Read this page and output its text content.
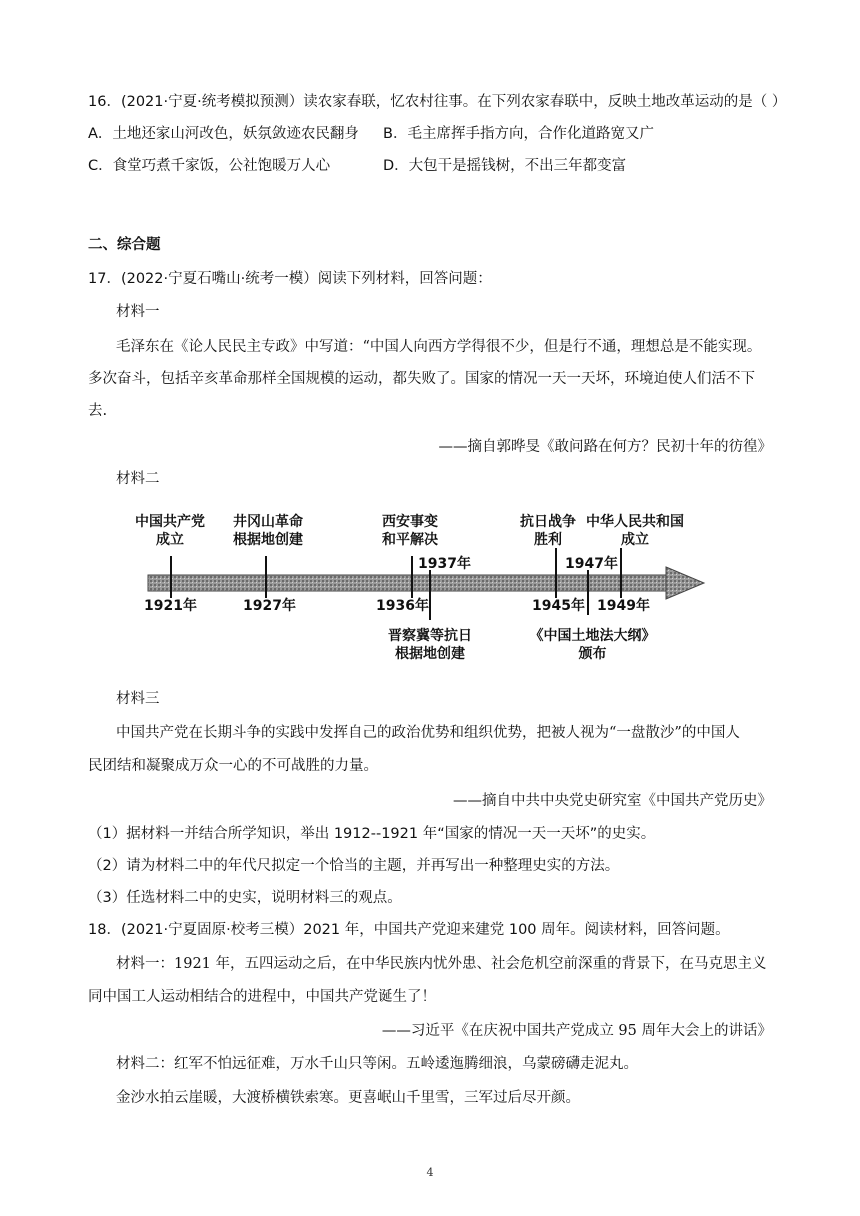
16．(2021·宁夏·统考模拟预测）读农家春联，忆农村往事。在下列农家春联中，反映土地改革运动的是（ ）
A．土地还家山河改色，妖氛敛迹农民翻身 B．毛主席挥手指方向，合作化道路宽又广
C．食堂巧煮千家饭，公社饱暖万人心	D．大包干是摇钱树，不出三年都变富
二、综合题
17．(2022·宁夏石嘴山·统考一模）阅读下列材料，回答问题：
材料一
毛泽东在《论人民民主专政》中写道：“中国人向西方学得很不少，但是行不通，理想总是不能实现。
多次奋斗，包括辛亥革命那样全国规模的运动，都失败了。国家的情况一天一天坏，环境迫使人们活不下
去.
——摘自郭晔旻《敢问路在何方？民初十年的彷徨》
材料二
中国共产党
成立
井冈山革命
根据地创建
西安事变
和平解决
抗日战争
胜利
中华人民共和国
成立
1937年	1947年
1921年	1927年	1936年	1945年 1949年
晋察冀等抗日
根据地创建
《中国土地法大纲》
颁布
材料三
中国共产党在长期斗争的实践中发挥自己的政治优势和组织优势，把被人视为“一盘散沙”的中国人
民团结和凝聚成万众一心的不可战胜的力量。
——摘自中共中央党史研究室《中国共产党历史》
（1）据材料一并结合所学知识，举出 1912--1921 年“国家的情况一天一天坏”的史实。
（2）请为材料二中的年代尺拟定一个恰当的主题，并再写出一种整理史实的方法。
（3）任选材料二中的史实，说明材料三的观点。
18．(2021·宁夏固原·校考三模）2021 年，中国共产党迎来建党 100 周年。阅读材料，回答问题。
材料一：1921 年，五四运动之后，在中华民族内忧外患、社会危机空前深重的背景下，在马克思主义
同中国工人运动相结合的进程中，中国共产党诞生了！
——习近平《在庆祝中国共产党成立 95 周年大会上的讲话》
材料二：红军不怕远征难，万水千山只等闲。五岭逶迤腾细浪，乌蒙磅礴走泥丸。
金沙水拍云崖暖，大渡桥横铁索寒。更喜岷山千里雪，三军过后尽开颜。
4
